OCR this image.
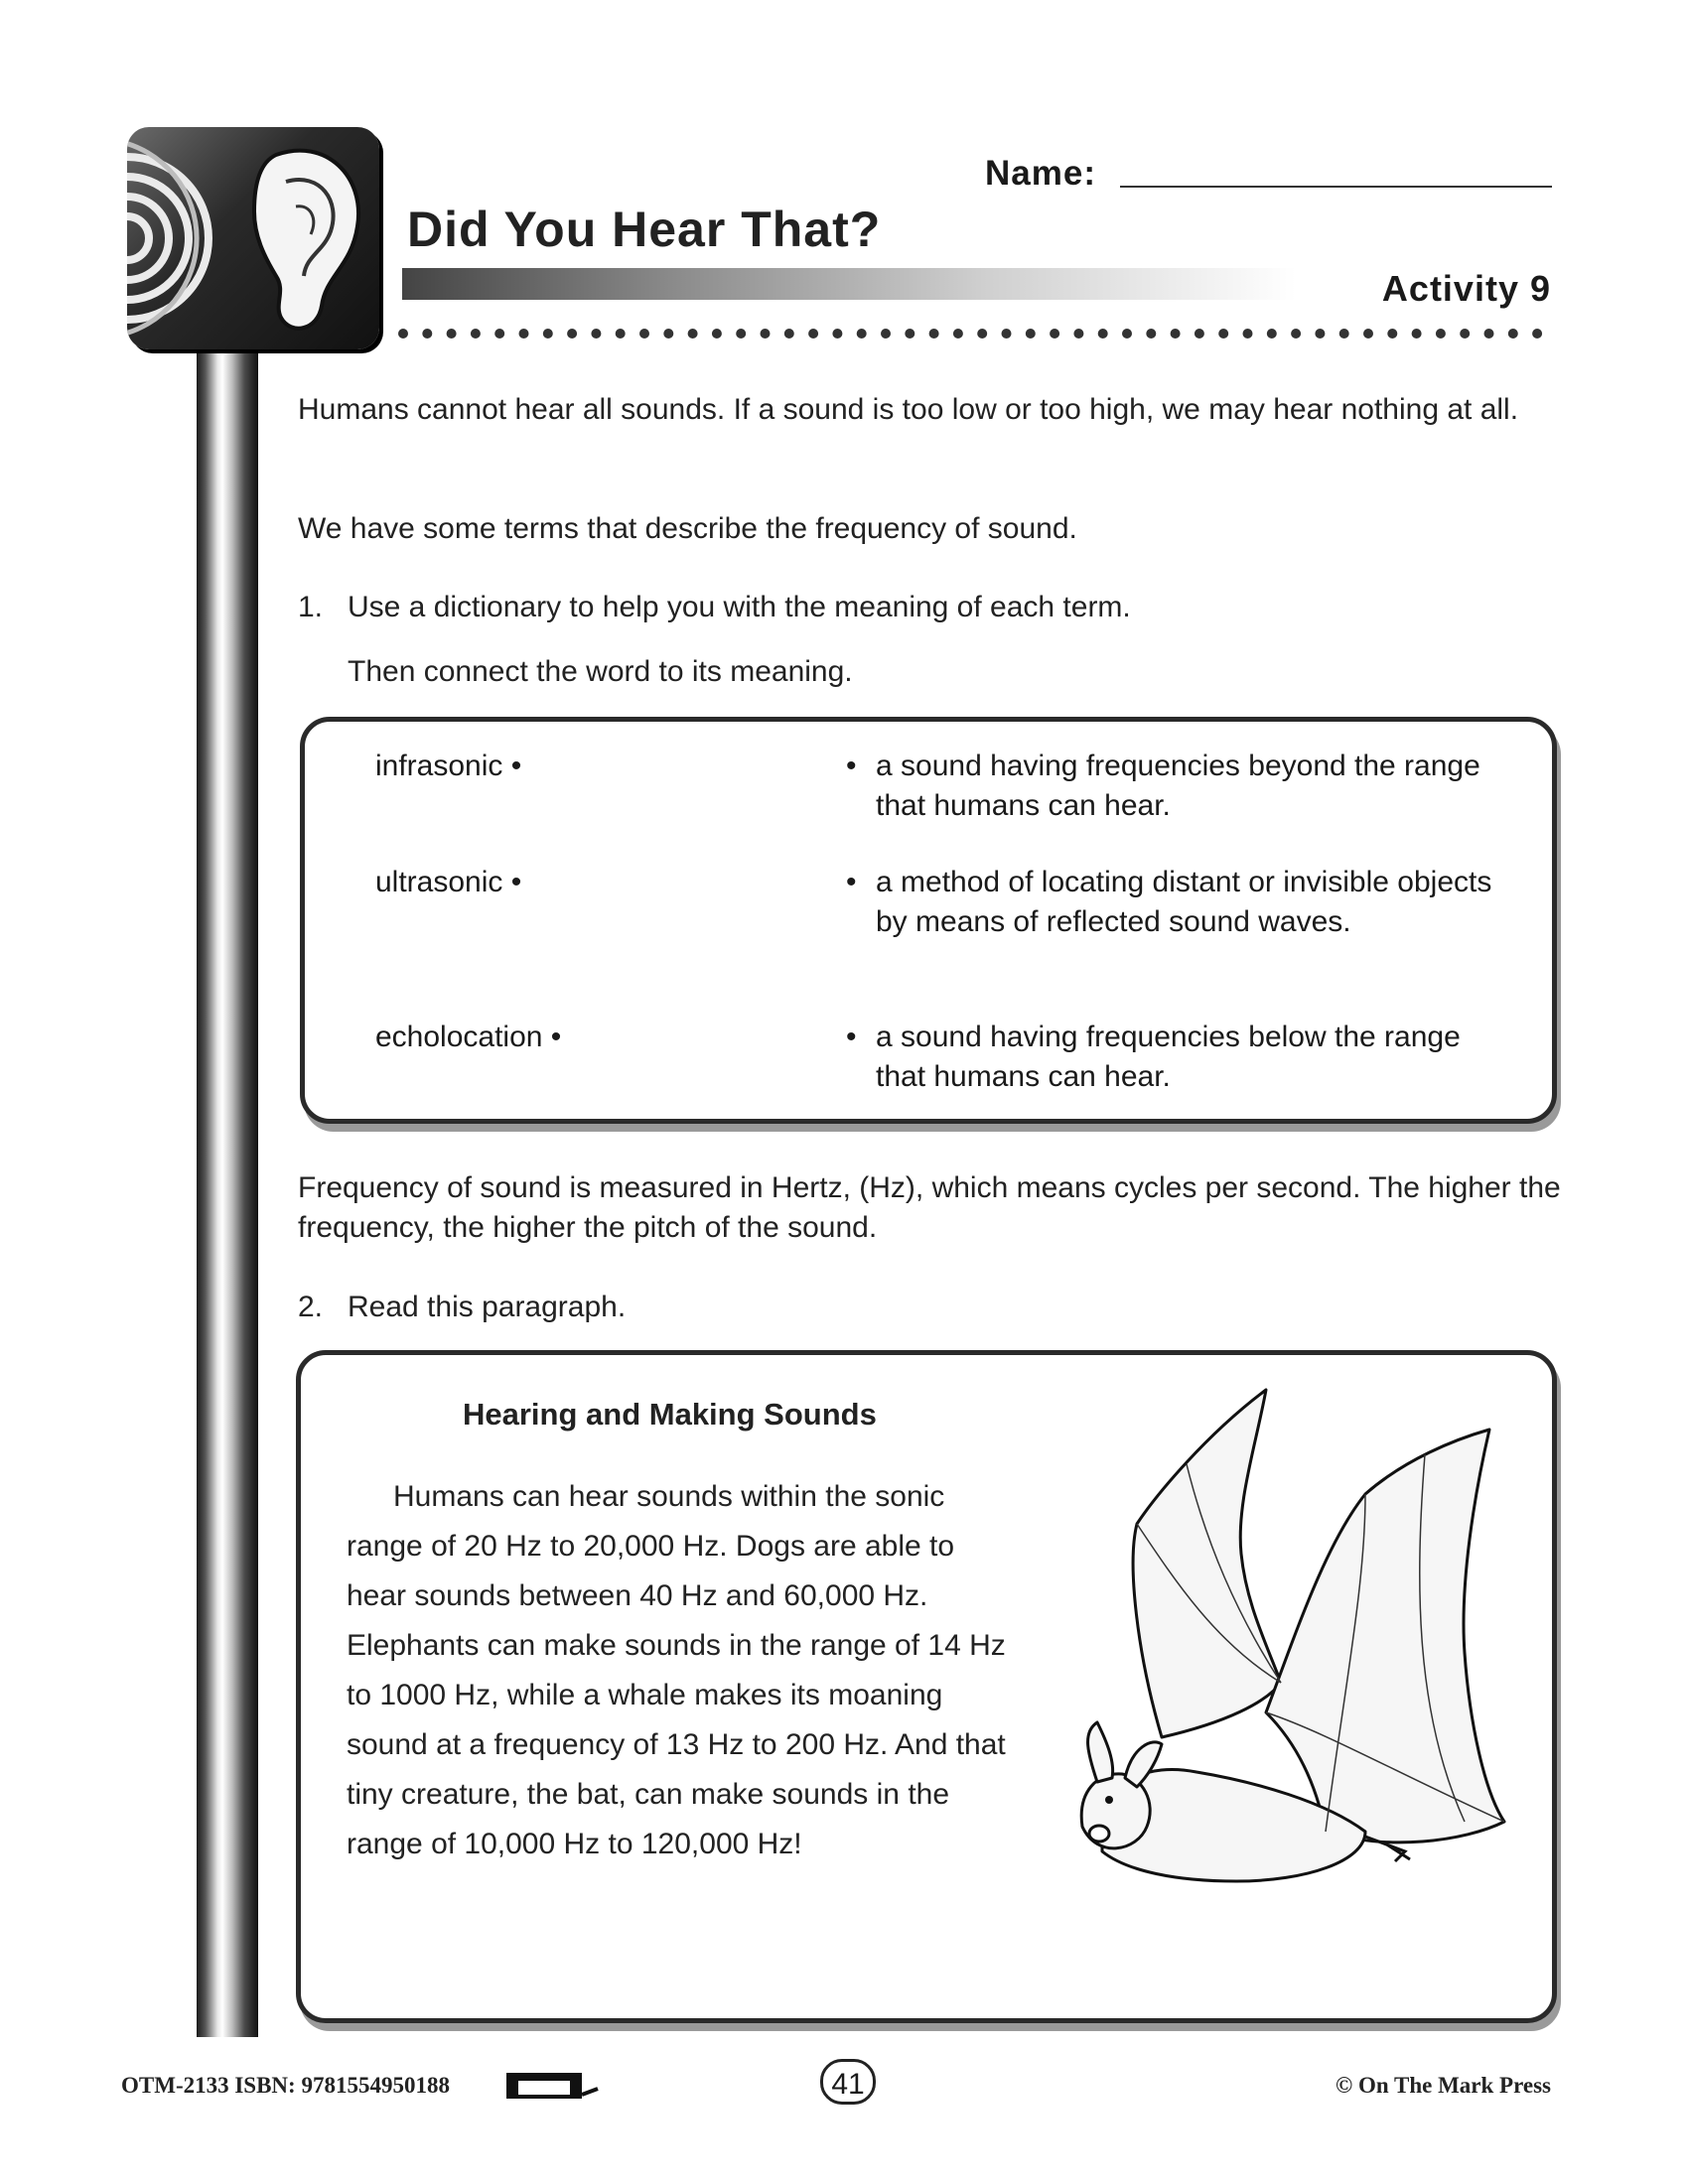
Name:
Did You Hear That?
Activity 9
Humans cannot hear all sounds. If a sound is too low or too high, we may hear nothing at all.
We have some terms that describe the frequency of sound.
1. Use a dictionary to help you with the meaning of each term.
Then connect the word to its meaning.
infrasonic •
ultrasonic •
echolocation •
• a sound having frequencies beyond the range that humans can hear.
• a method of locating distant or invisible objects by means of reflected sound waves.
• a sound having frequencies below the range that humans can hear.
Frequency of sound is measured in Hertz, (Hz), which means cycles per second. The higher the frequency, the higher the pitch of the sound.
2. Read this paragraph.
Hearing and Making Sounds
Humans can hear sounds within the sonic range of 20 Hz to 20,000 Hz. Dogs are able to hear sounds between 40 Hz and 60,000 Hz. Elephants can make sounds in the range of 14 Hz to 1000 Hz, while a whale makes its moaning sound at a frequency of 13 Hz to 200 Hz. And that tiny creature, the bat, can make sounds in the range of 10,000 Hz to 120,000 Hz!
OTM-2133 ISBN: 9781554950188	41	© On The Mark Press
